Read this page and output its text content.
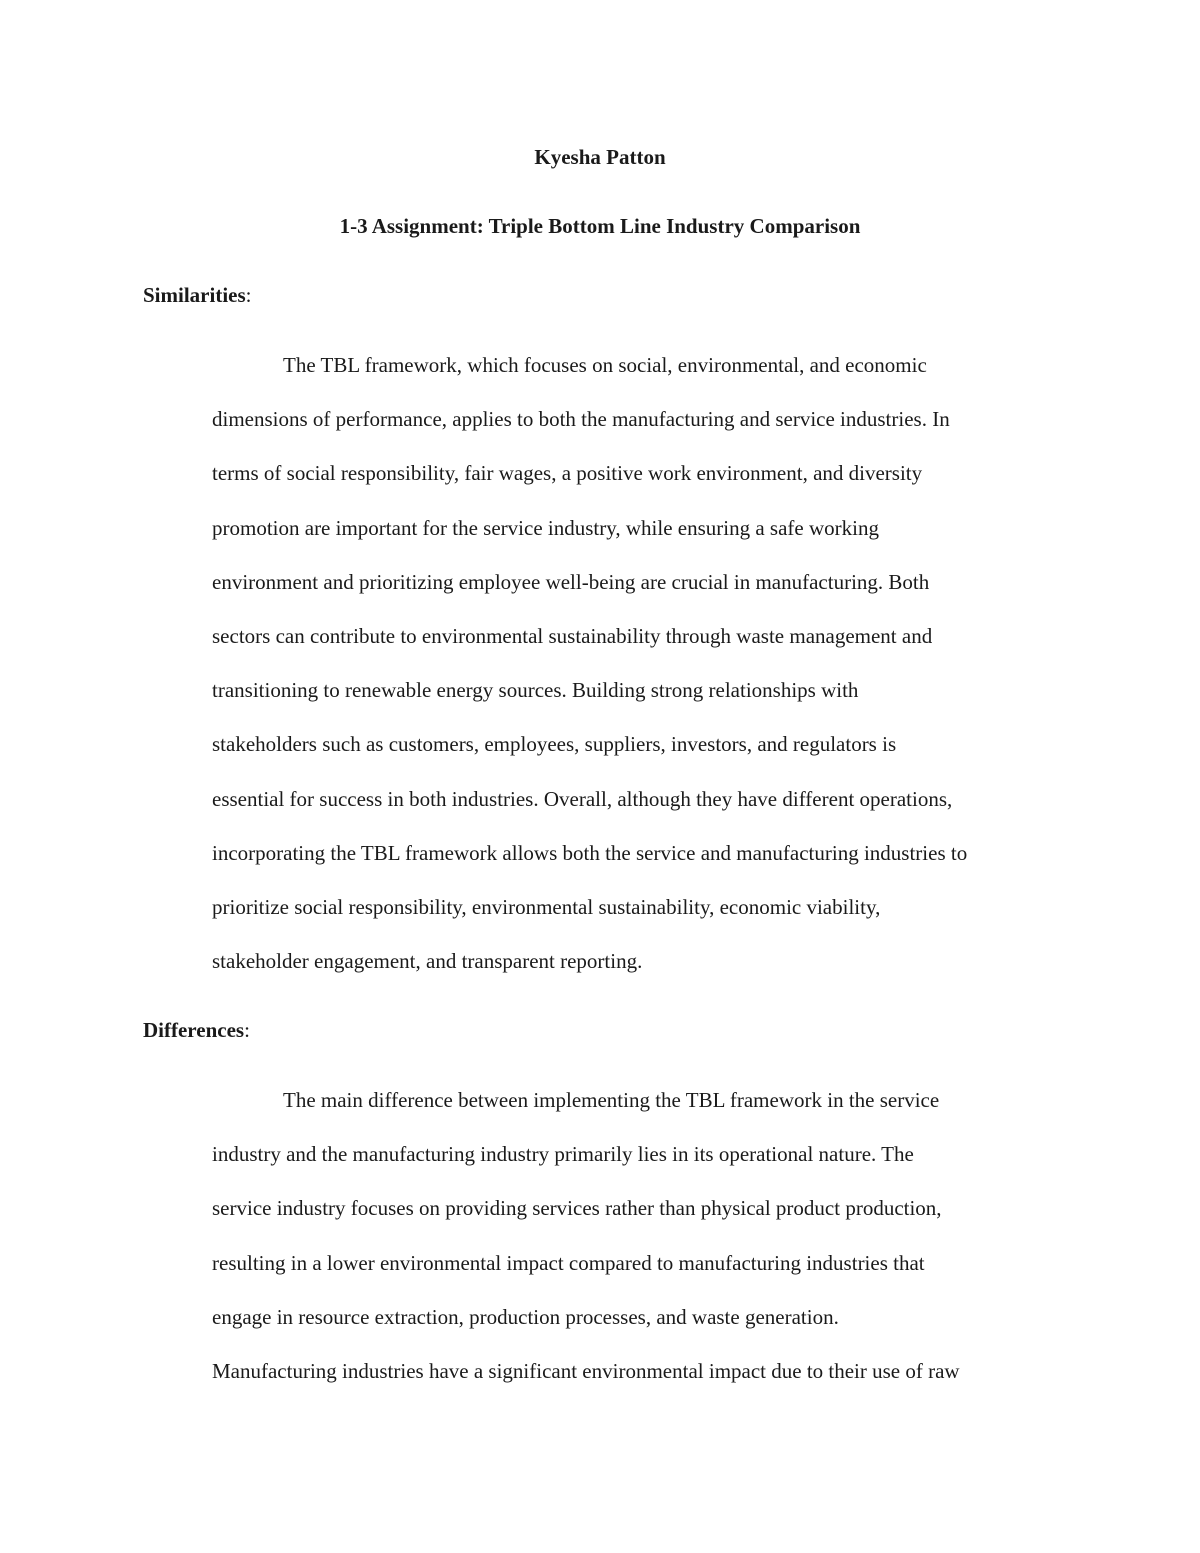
Kyesha Patton
1-3 Assignment: Triple Bottom Line Industry Comparison
Similarities:
The TBL framework, which focuses on social, environmental, and economic
dimensions of performance, applies to both the manufacturing and service industries. In
terms of social responsibility, fair wages, a positive work environment, and diversity
promotion are important for the service industry, while ensuring a safe working
environment and prioritizing employee well-being are crucial in manufacturing. Both
sectors can contribute to environmental sustainability through waste management and
transitioning to renewable energy sources. Building strong relationships with
stakeholders such as customers, employees, suppliers, investors, and regulators is
essential for success in both industries. Overall, although they have different operations,
incorporating the TBL framework allows both the service and manufacturing industries to
prioritize social responsibility, environmental sustainability, economic viability,
stakeholder engagement, and transparent reporting.
Differences:
The main difference between implementing the TBL framework in the service
industry and the manufacturing industry primarily lies in its operational nature. The
service industry focuses on providing services rather than physical product production,
resulting in a lower environmental impact compared to manufacturing industries that
engage in resource extraction, production processes, and waste generation.
Manufacturing industries have a significant environmental impact due to their use of raw
